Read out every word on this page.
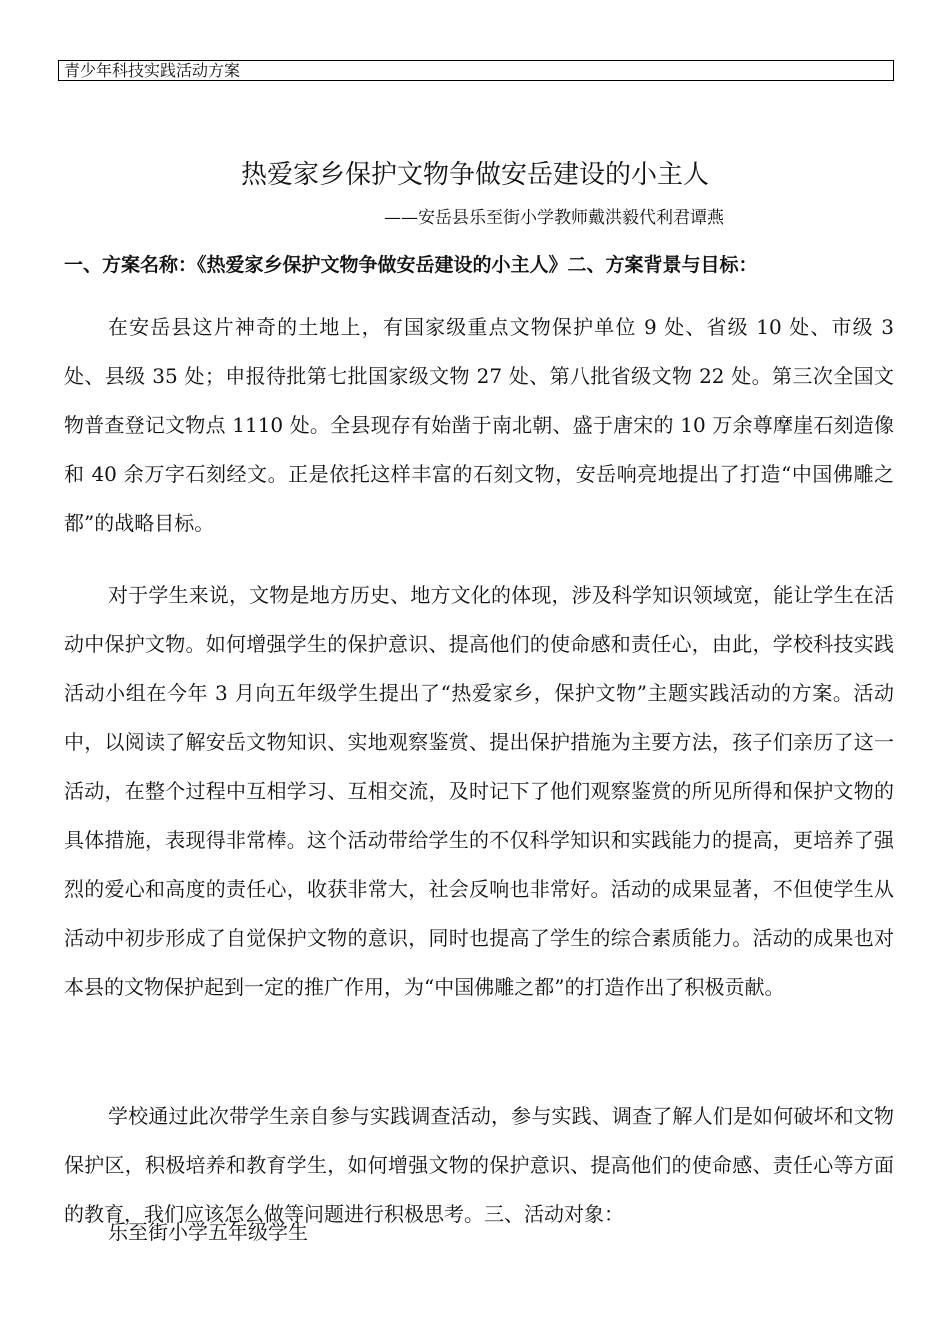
青少年科技实践活动方案
热爱家乡保护文物争做安岳建设的小主人
——安岳县乐至街小学教师戴洪毅代利君谭燕
一、方案名称：《热爱家乡保护文物争做安岳建设的小主人》二、方案背景与目标：

在安岳县这片神奇的土地上，有国家级重点文物保护单位 9 处、省级 10 处、市级 3 处、县级 35 处；申报待批第七批国家级文物 27 处、第八批省级文物 22 处。第三次全国文物普查登记文物点 1110 处。全县现存有始凿于南北朝、盛于唐宋的 10 万余尊摩崖石刻造像和 40 余万字石刻经文。正是依托这样丰富的石刻文物，安岳响亮地提出了打造“中国佛雕之都”的战略目标。

对于学生来说，文物是地方历史、地方文化的体现，涉及科学知识领域宽，能让学生在活动中保护文物。如何增强学生的保护意识、提高他们的使命感和责任心，由此，学校科技实践活动小组在今年 3 月向五年级学生提出了“热爱家乡，保护文物”主题实践活动的方案。活动中，以阅读了解安岳文物知识、实地观察鉴赏、提出保护措施为主要方法，孩子们亲历了这一活动，在整个过程中互相学习、互相交流，及时记下了他们观察鉴赏的所见所得和保护文物的具体措施，表现得非常棒。这个活动带给学生的不仅科学知识和实践能力的提高，更培养了强烈的爱心和高度的责任心，收获非常大，社会反响也非常好。活动的成果显著，不但使学生从活动中初步形成了自觉保护文物的意识，同时也提高了学生的综合素质能力。活动的成果也对本县的文物保护起到一定的推广作用，为“中国佛雕之都”的打造作出了积极贡献。

学校通过此次带学生亲自参与实践调查活动，参与实践、调查了解人们是如何破坏和文物保护区，积极培养和教育学生，如何增强文物的保护意识、提高他们的使命感、责任心等方面的教育，我们应该怎么做等问题进行积极思考。三、活动对象：

乐至街小学五年级学生
